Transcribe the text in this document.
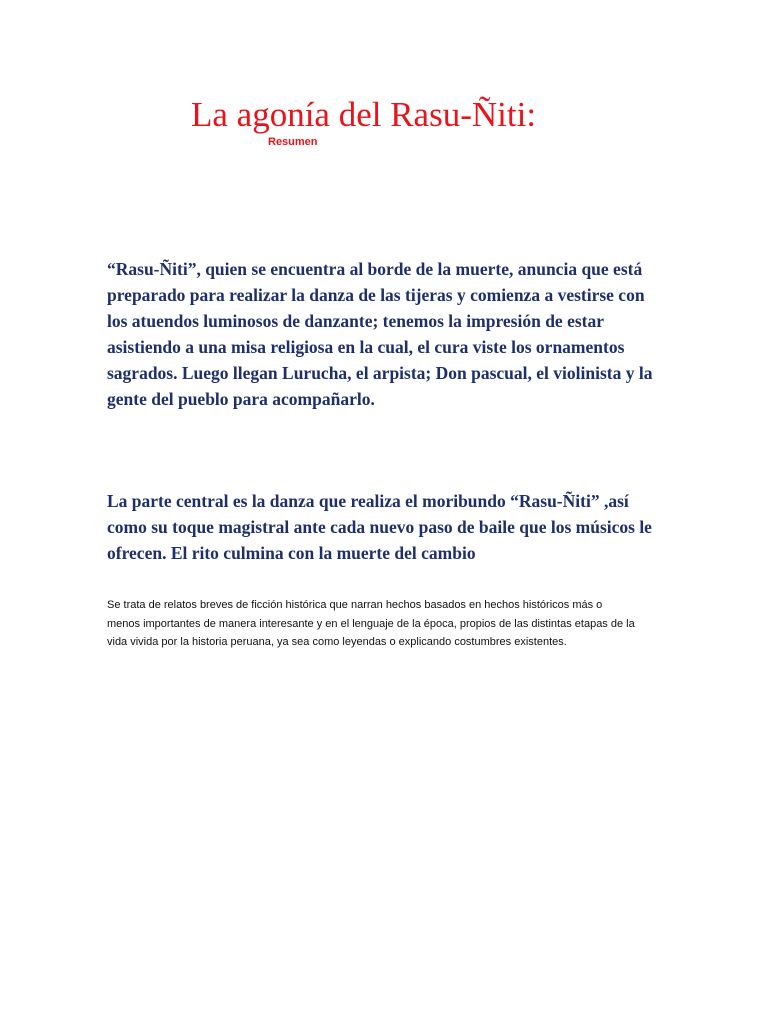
La agonía del Rasu-Ñiti:
Resumen

“Rasu-Ñiti”, quien se encuentra al borde de la muerte, anuncia que está preparado para realizar la danza de las tijeras y comienza a vestirse con los atuendos luminosos de danzante; tenemos la impresión de estar asistiendo a una misa religiosa en la cual, el cura viste los ornamentos sagrados. Luego llegan Lurucha, el arpista; Don pascual, el violinista y la gente del pueblo para acompañarlo.

La parte central es la danza que realiza el moribundo “Rasu-Ñiti” ,así como su toque magistral ante cada nuevo paso de baile que los músicos le ofrecen. El rito culmina con la muerte del cambio

Se trata de relatos breves de ficción histórica que narran hechos basados en hechos históricos más o menos importantes de manera interesante y en el lenguaje de la época, propios de las distintas etapas de la vida vivida por la historia peruana, ya sea como leyendas o explicando costumbres existentes.
